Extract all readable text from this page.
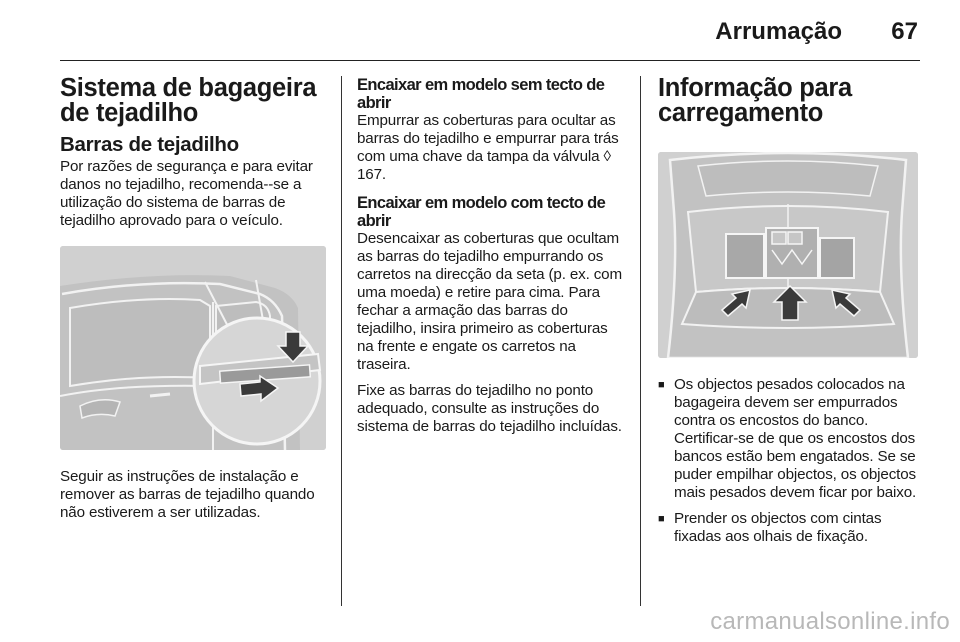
Arrumação 67
Sistema de bagageira de tejadilho
Barras de tejadilho

Por razões de segurança e para evitar danos no tejadilho, recomenda--se a utilização do sistema de barras de tejadilho aprovado para o veículo.

Seguir as instruções de instalação e remover as barras de tejadilho quando não estiverem a ser utilizadas.

Encaixar em modelo sem tecto de abrir

Empurrar as coberturas para ocultar as barras do tejadilho e empurrar para trás com uma chave da tampa da válvula ◊ 167.

Encaixar em modelo com tecto de abrir

Desencaixar as coberturas que ocultam as barras do tejadilho empurrando os carretos na direcção da seta (p. ex. com uma moeda) e retire para cima. Para fechar a armação das barras do tejadilho, insira primeiro as coberturas na frente e engate os carretos na traseira.

Fixe as barras do tejadilho no ponto adequado, consulte as instruções do sistema de barras do tejadilho incluídas.

Informação para carregamento
■ Os objectos pesados colocados na bagageira devem ser empurrados contra os encostos do banco. Certificar-se de que os encostos dos bancos estão bem engatados. Se se puder empilhar objectos, os objectos mais pesados devem ficar por baixo.
■ Prender os objectos com cintas fixadas aos olhais de fixação.
carmanualsonline.info
